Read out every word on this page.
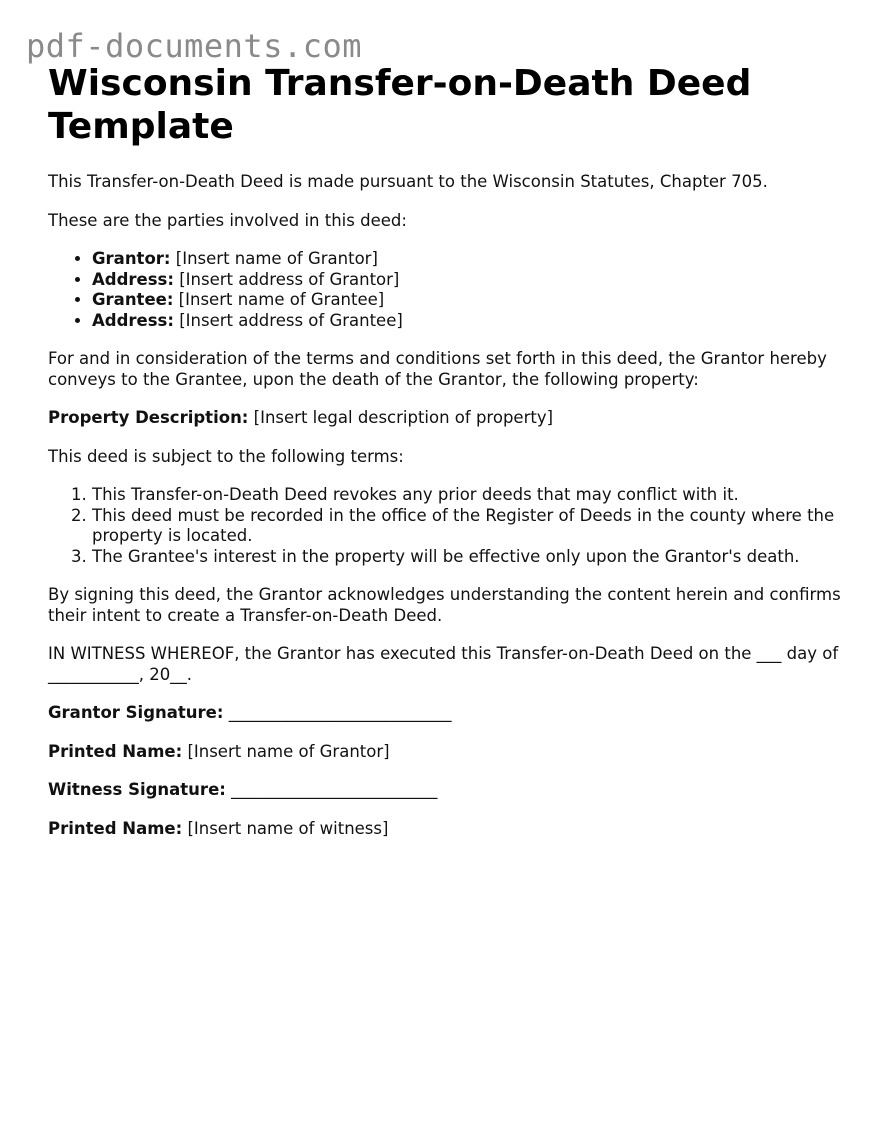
pdf-documents.com
Wisconsin Transfer-on-Death Deed Template

This Transfer-on-Death Deed is made pursuant to the Wisconsin Statutes, Chapter 705.

These are the parties involved in this deed:

• Grantor: [Insert name of Grantor]
• Address: [Insert address of Grantor]
• Grantee: [Insert name of Grantee]
• Address: [Insert address of Grantee]

For and in consideration of the terms and conditions set forth in this deed, the Grantor hereby conveys to the Grantee, upon the death of the Grantor, the following property:

Property Description: [Insert legal description of property]

This deed is subject to the following terms:

1. This Transfer-on-Death Deed revokes any prior deeds that may conflict with it.
2. This deed must be recorded in the office of the Register of Deeds in the county where the property is located.
3. The Grantee's interest in the property will be effective only upon the Grantor's death.

By signing this deed, the Grantor acknowledges understanding the content herein and confirms their intent to create a Transfer-on-Death Deed.

IN WITNESS WHEREOF, the Grantor has executed this Transfer-on-Death Deed on the ___ day of ___________, 20__.

Grantor Signature: ___________________________

Printed Name: [Insert name of Grantor]

Witness Signature: _________________________

Printed Name: [Insert name of witness]
